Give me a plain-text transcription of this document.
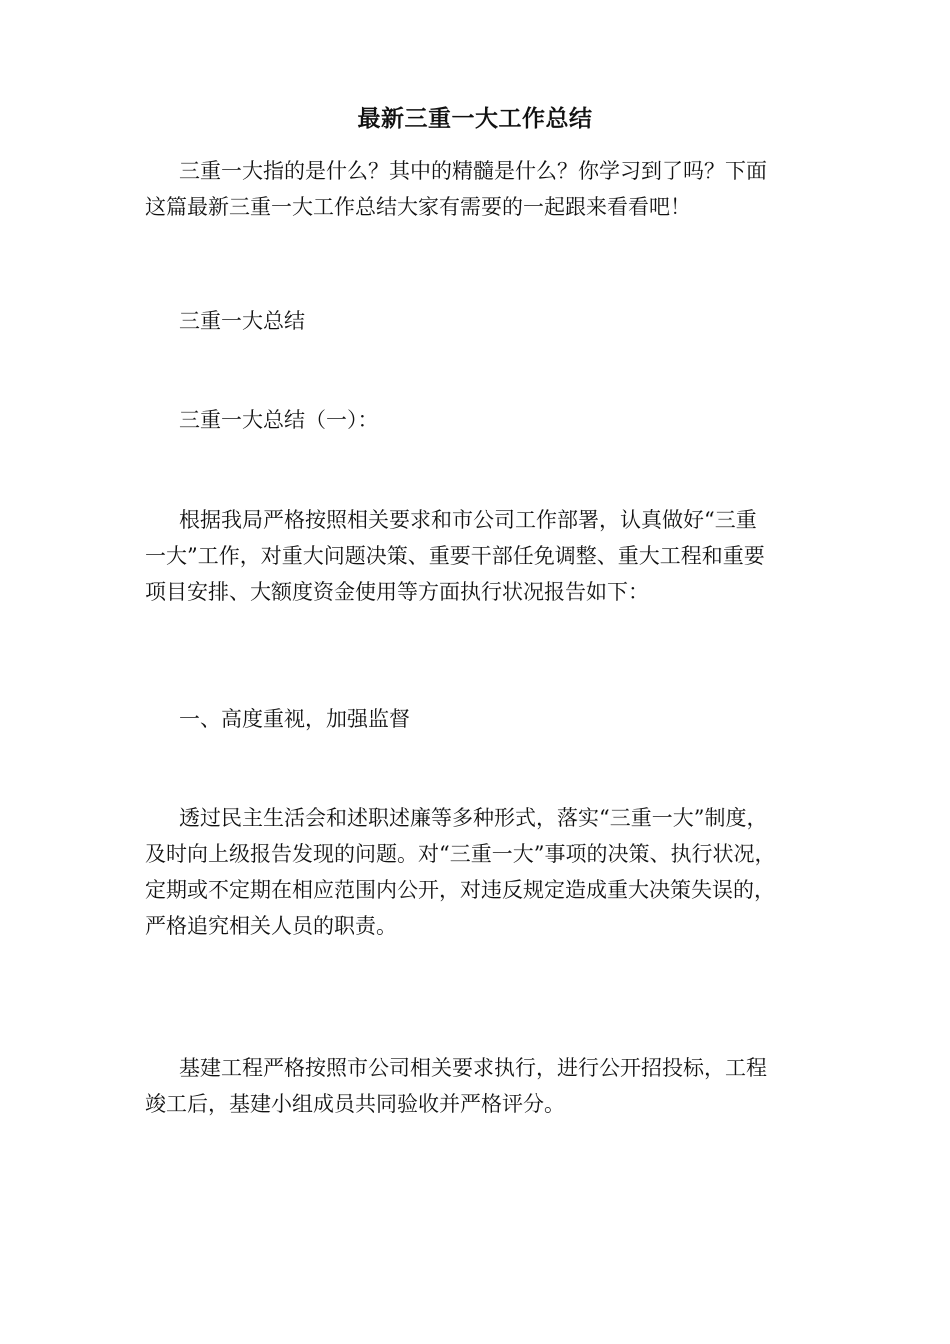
最新三重一大工作总结
三重一大指的是什么？其中的精髓是什么？你学习到了吗？下面
这篇最新三重一大工作总结大家有需要的一起跟来看看吧！
三重一大总结
三重一大总结（一）：
根据我局严格按照相关要求和市公司工作部署，认真做好“三重
一大”工作，对重大问题决策、重要干部任免调整、重大工程和重要
项目安排、大额度资金使用等方面执行状况报告如下：
一、高度重视，加强监督
透过民主生活会和述职述廉等多种形式，落实“三重一大”制度，
及时向上级报告发现的问题。对“三重一大”事项的决策、执行状况，
定期或不定期在相应范围内公开，对违反规定造成重大决策失误的，
严格追究相关人员的职责。
基建工程严格按照市公司相关要求执行，进行公开招投标，工程
竣工后，基建小组成员共同验收并严格评分。
